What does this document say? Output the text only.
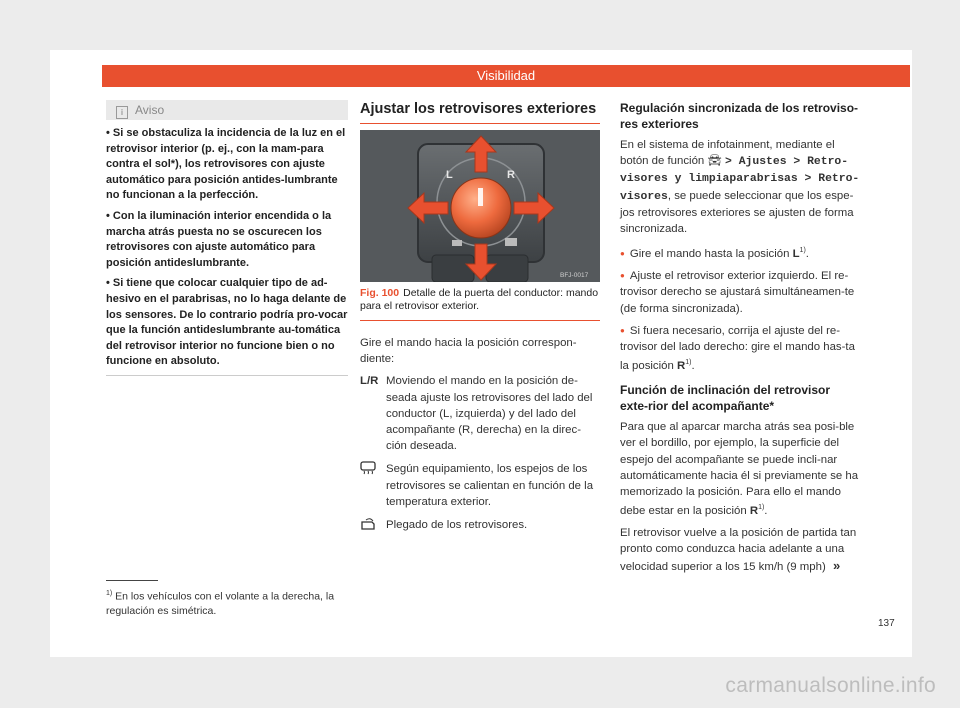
Visibilidad
i Aviso

• Si se obstaculiza la incidencia de la luz en el retrovisor interior (p. ej., con la mam-para contra el sol*), los retrovisores con ajuste automático para posición antides-lumbrante no funcionan a la perfección.

• Con la iluminación interior encendida o la marcha atrás puesta no se oscurecen los retrovisores con ajuste automático para posición antideslumbrante.

• Si tiene que colocar cualquier tipo de ad-hesivo en el parabrisas, no lo haga delante de los sensores. De lo contrario podría pro-vocar que la función antideslumbrante au-tomática del retrovisor interior no funcione bien o no funcione en absoluto.

$^{1)}$ En los vehículos con el volante a la derecha, la regulación es simétrica.
Ajustar los retrovisores exteriores
L	R
BFJ-0017
Fig. 100 Detalle de la puerta del conductor: mando para el retrovisor exterior.

Gire el mando hacia la posición correspon-diente:

L/R Moviendo el mando en la posición de-seada ajuste los retrovisores del lado del conductor (L, izquierda) y del lado del acompañante (R, derecha) en la direc-ción deseada.
Según equipamiento, los espejos de los retrovisores se calientan en función de la temperatura exterior.
Plegado de los retrovisores.
Regulación sincronizada de los retroviso-res exteriores

En el sistema de infotainment, mediante el botón de función 🚘︎ > Ajustes > Retro-visores y limpiaparabrisas > Retro-visores, se puede seleccionar que los espe-jos retrovisores exteriores se ajusten de forma sincronizada.

● Gire el mando hasta la posición $L^{1)}$.

● Ajuste el retrovisor exterior izquierdo. El re-trovisor derecho se ajustará simultáneamen-te (de forma sincronizada).

● Si fuera necesario, corrija el ajuste del re-trovisor del lado derecho: gire el mando has-ta la posición $R^{1)}$.

Función de inclinación del retrovisor exte-rior del acompañante*

Para que al aparcar marcha atrás sea posi-ble ver el bordillo, por ejemplo, la superficie del espejo del acompañante se puede incli-nar automáticamente hacia él si previamente se ha memorizado la posición. Para ello el mando debe estar en la posición $R^{1)}$.

El retrovisor vuelve a la posición de partida tan pronto como conduzca hacia adelante a una velocidad superior a los 15 km/h (9 mph) »

137
carmanualsonline.info
